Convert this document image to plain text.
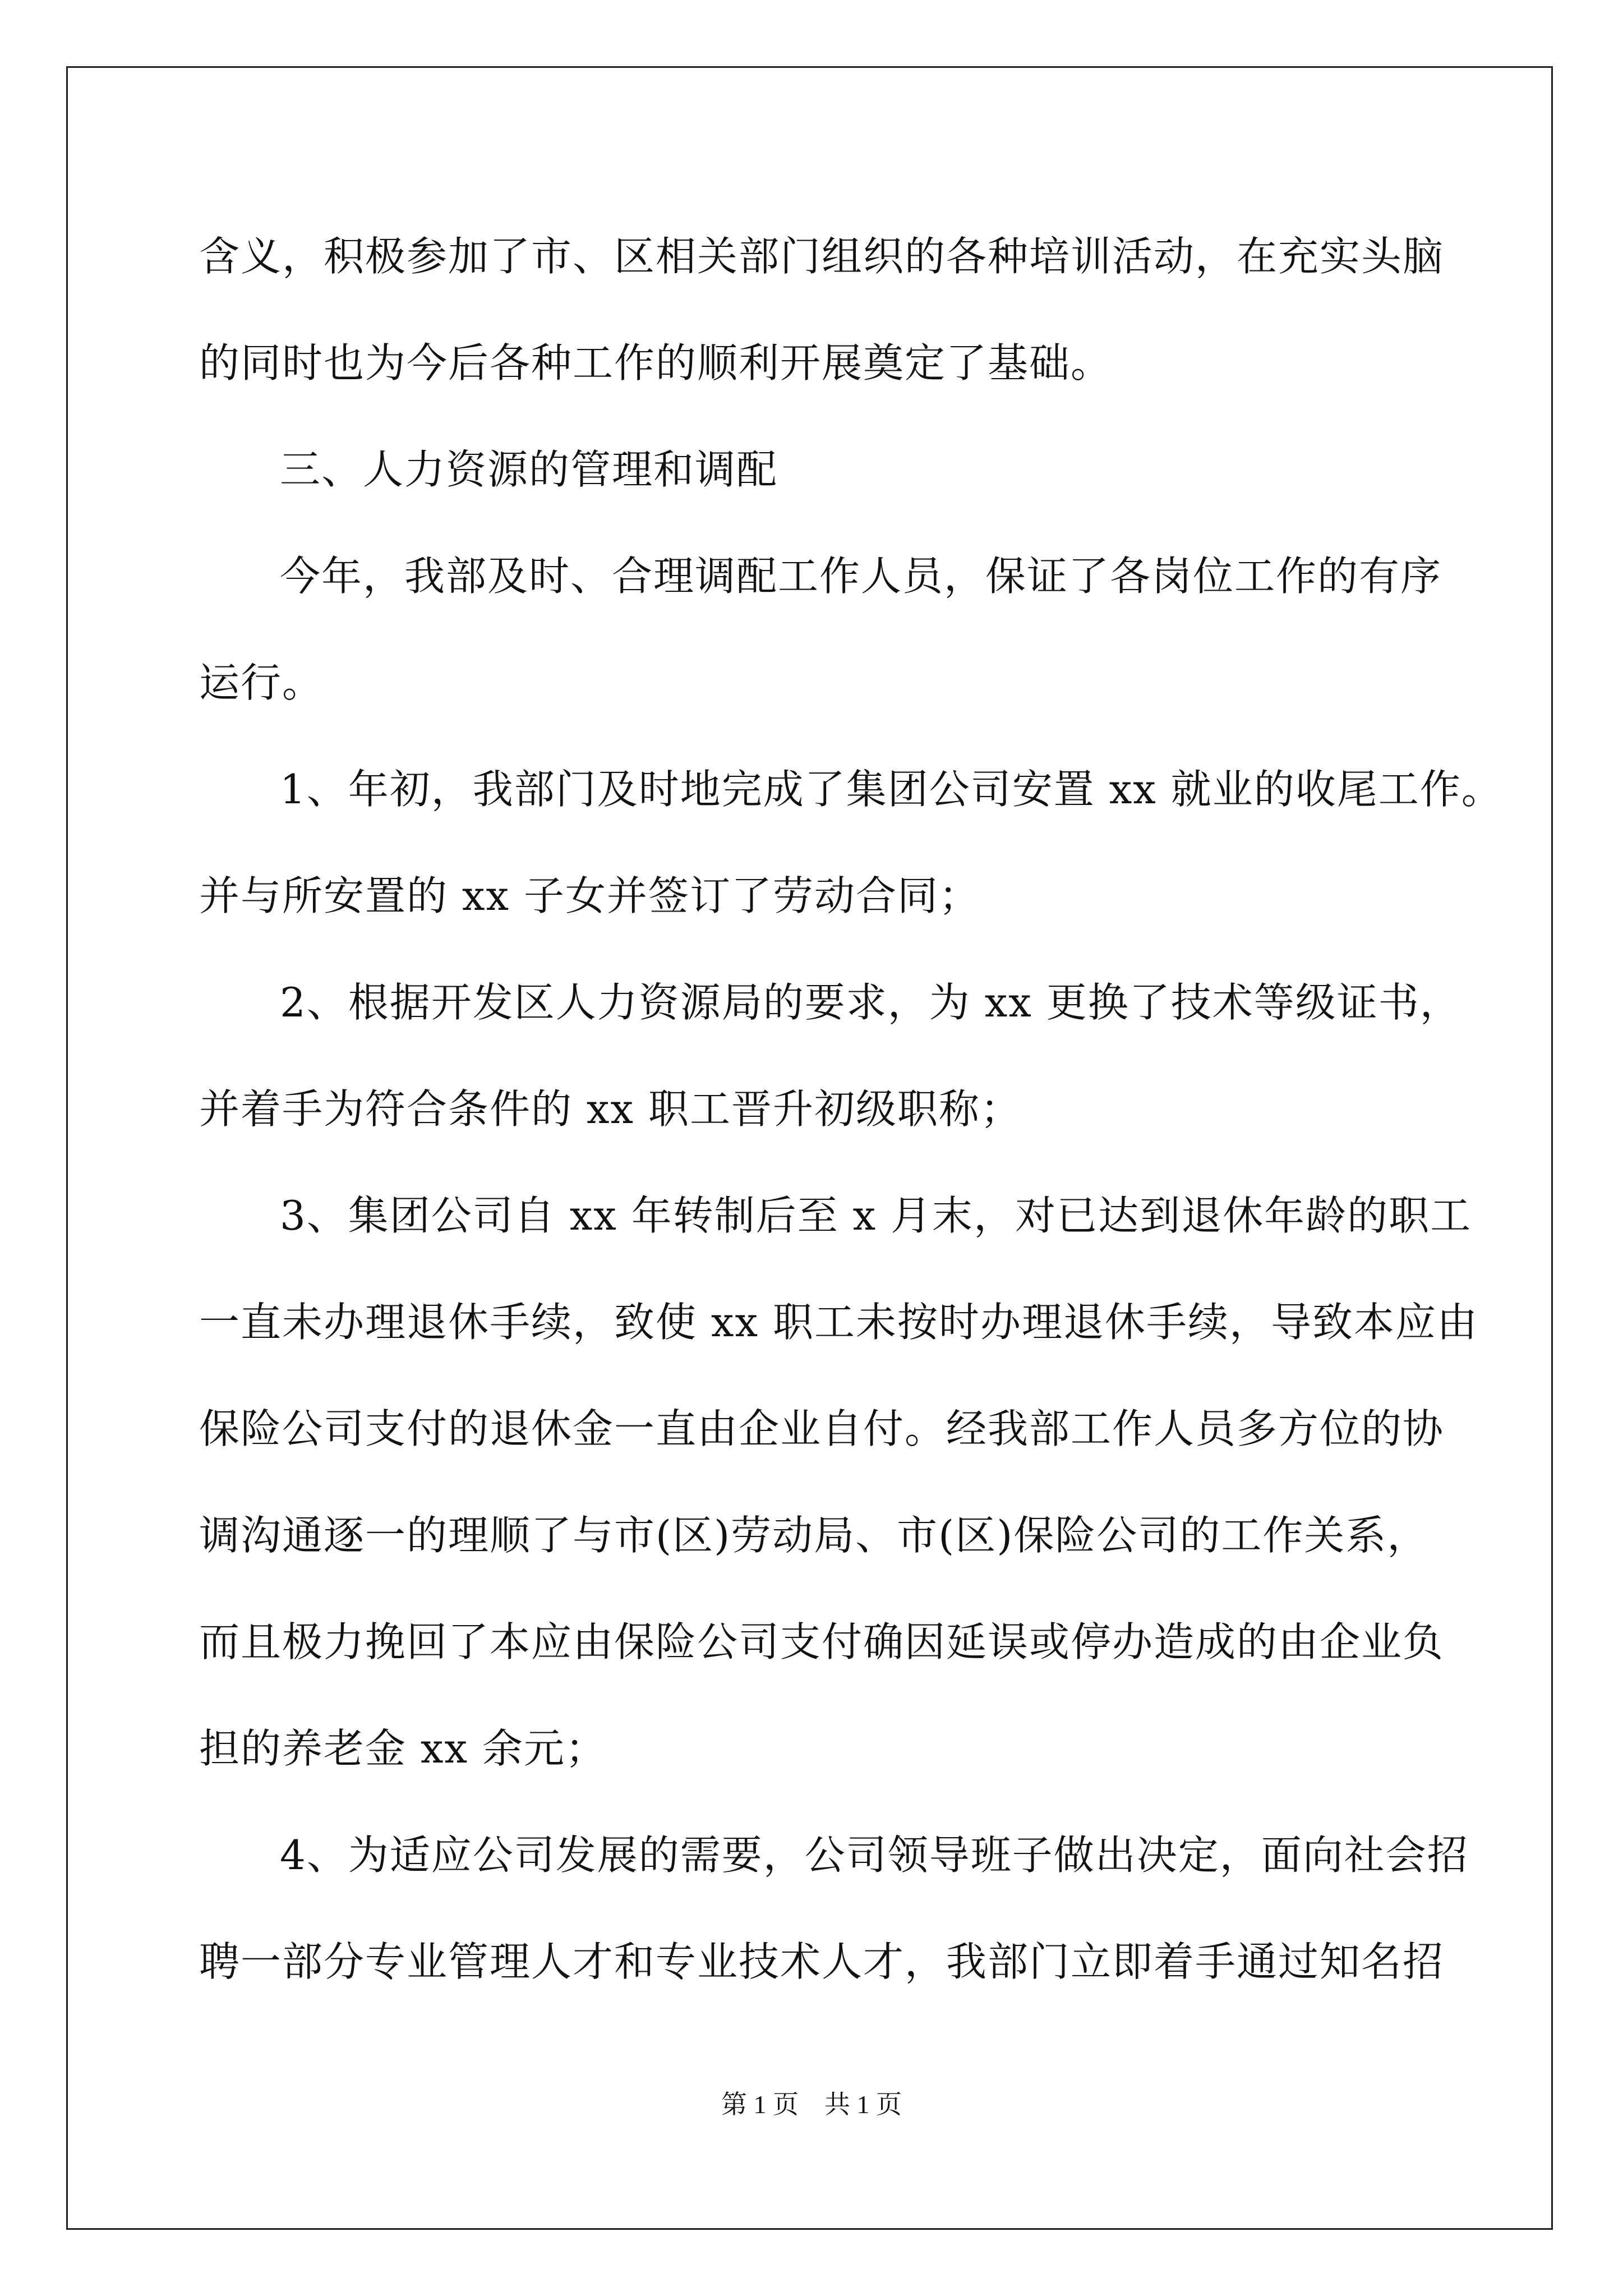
含义，积极参加了市、区相关部门组织的各种培训活动，在充实头脑
的同时也为今后各种工作的顺利开展奠定了基础。
三、人力资源的管理和调配
今年，我部及时、合理调配工作人员，保证了各岗位工作的有序
运行。
1、年初，我部门及时地完成了集团公司安置 xx 就业的收尾工作。
并与所安置的 xx 子女并签订了劳动合同；
2、根据开发区人力资源局的要求，为 xx 更换了技术等级证书，
并着手为符合条件的 xx 职工晋升初级职称；
3、集团公司自 xx 年转制后至 x 月末，对已达到退休年龄的职工
一直未办理退休手续，致使 xx 职工未按时办理退休手续，导致本应由
保险公司支付的退休金一直由企业自付。经我部工作人员多方位的协
调沟通逐一的理顺了与市(区)劳动局、市(区)保险公司的工作关系，
而且极力挽回了本应由保险公司支付确因延误或停办造成的由企业负
担的养老金 xx 余元；
4、为适应公司发展的需要，公司领导班子做出决定，面向社会招
聘一部分专业管理人才和专业技术人才，我部门立即着手通过知名招
第 1 页　共 1 页
